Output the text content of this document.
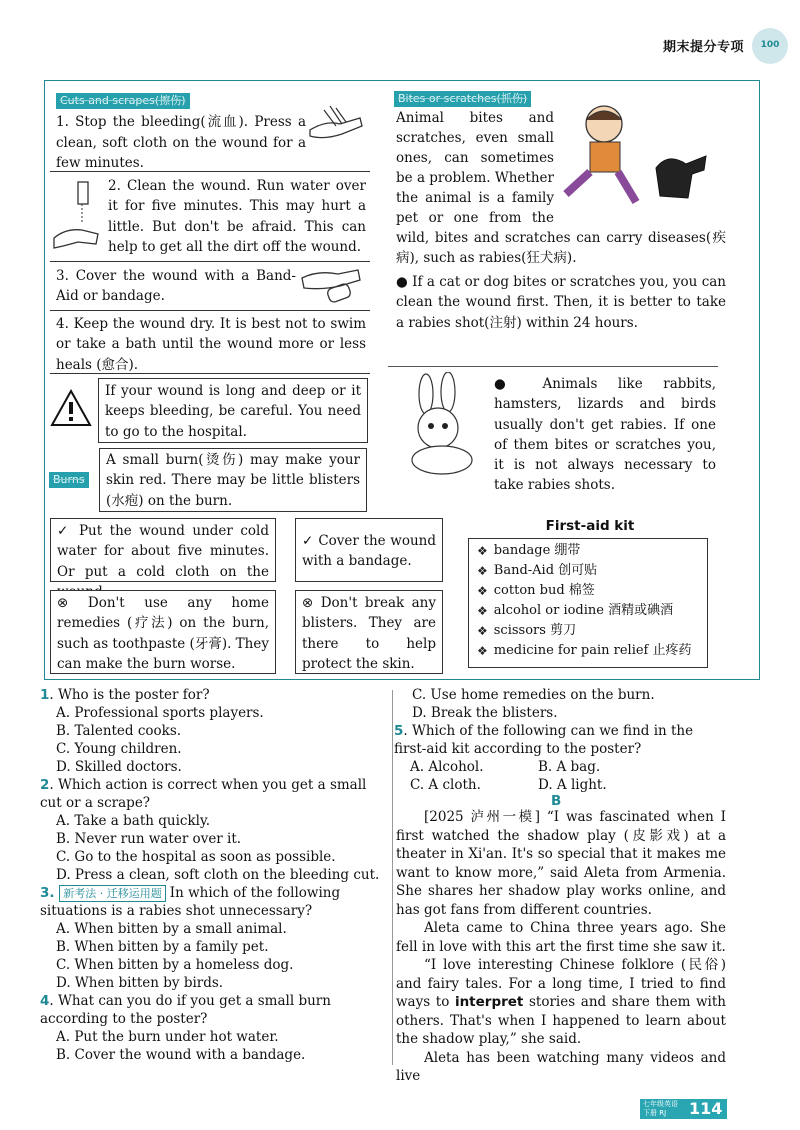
期末提分专项	100
Cuts and scrapes(擦伤)
1. Stop the bleeding(流血). Press a clean, soft cloth on the wound for a few minutes.
2. Clean the wound. Run water over it for five minutes. This may hurt a little. But don't be afraid. This can help to get all the dirt off the wound.
3. Cover the wound with a Band-Aid or bandage.
4. Keep the wound dry. It is best not to swim or take a bath until the wound more or less heals (愈合).
If your wound is long and deep or it keeps bleeding, be careful. You need to go to the hospital.
Burns
A small burn(烫伤) may make your skin red. There may be little blisters (水疱) on the burn.
✓ Put the wound under cold water for about five minutes. Or put a cold cloth on the
✓ Cover the wound with a bandage.
⊗ Don't use any home remedies (疗法) on the burn, such as toothpaste (牙膏). They can make the burn worse.
⊗ Don't break any blisters. They are there to help protect the skin.
Bites or scratches(抓伤)
Animal bites and scratches, even small ones, can sometimes be a problem. Whether the animal is a family pet or one from the
wild, bites and scratches can carry diseases(疾病), such as rabies(狂犬病).
● If a cat or dog bites or scratches you, you can clean the wound first. Then, it is better to take a rabies shot(注射) within 24 hours.
● Animals like rabbits, hamsters, lizards and birds usually don't get rabies. If one of them bites or scratches you, it is not always necessary to take rabies shots.
First-aid kit
❖ bandage 绷带
❖ Band-Aid 创可贴
❖ cotton bud 棉签
❖ alcohol or iodine 酒精或碘酒
❖ scissors 剪刀
❖ medicine for pain relief 止疼药
1. Who is the poster for?
A. Professional sports players.
B. Talented cooks.
C. Young children.
D. Skilled doctors.
2. Which action is correct when you get a small cut or a scrape?
A. Take a bath quickly.
B. Never run water over it.
C. Go to the hospital as soon as possible.
D. Press a clean, soft cloth on the bleeding cut.
3. 新考法 · 迁移运用题 In which of the following situations is a rabies shot unnecessary?
A. When bitten by a small animal.
B. When bitten by a family pet.
C. When bitten by a homeless dog.
D. When bitten by birds.
4. What can you do if you get a small burn according to the poster?
A. Put the burn under hot water.
B. Cover the wound with a bandage.
C. Use home remedies on the burn.
D. Break the blisters.
5. Which of the following can we find in the first-aid kit according to the poster?
A. Alcohol.	B. A bag.
C. A cloth.	D. A light.
B
[2025 泸州一模] “I was fascinated when I first watched the shadow play (皮影戏) at a theater in Xi'an. It's so special that it makes me want to know more,” said Aleta from Armenia. She shares her shadow play works online, and has got fans from different countries.
Aleta came to China three years ago. She fell in love with this art the first time she saw it.
“I love interesting Chinese folklore (民俗) and fairy tales. For a long time, I tried to find ways to interpret stories and share them with others. That's when I happened to learn about the shadow play,” she said.
Aleta has been watching many videos and live
七年级英语 下册 RJ	114
